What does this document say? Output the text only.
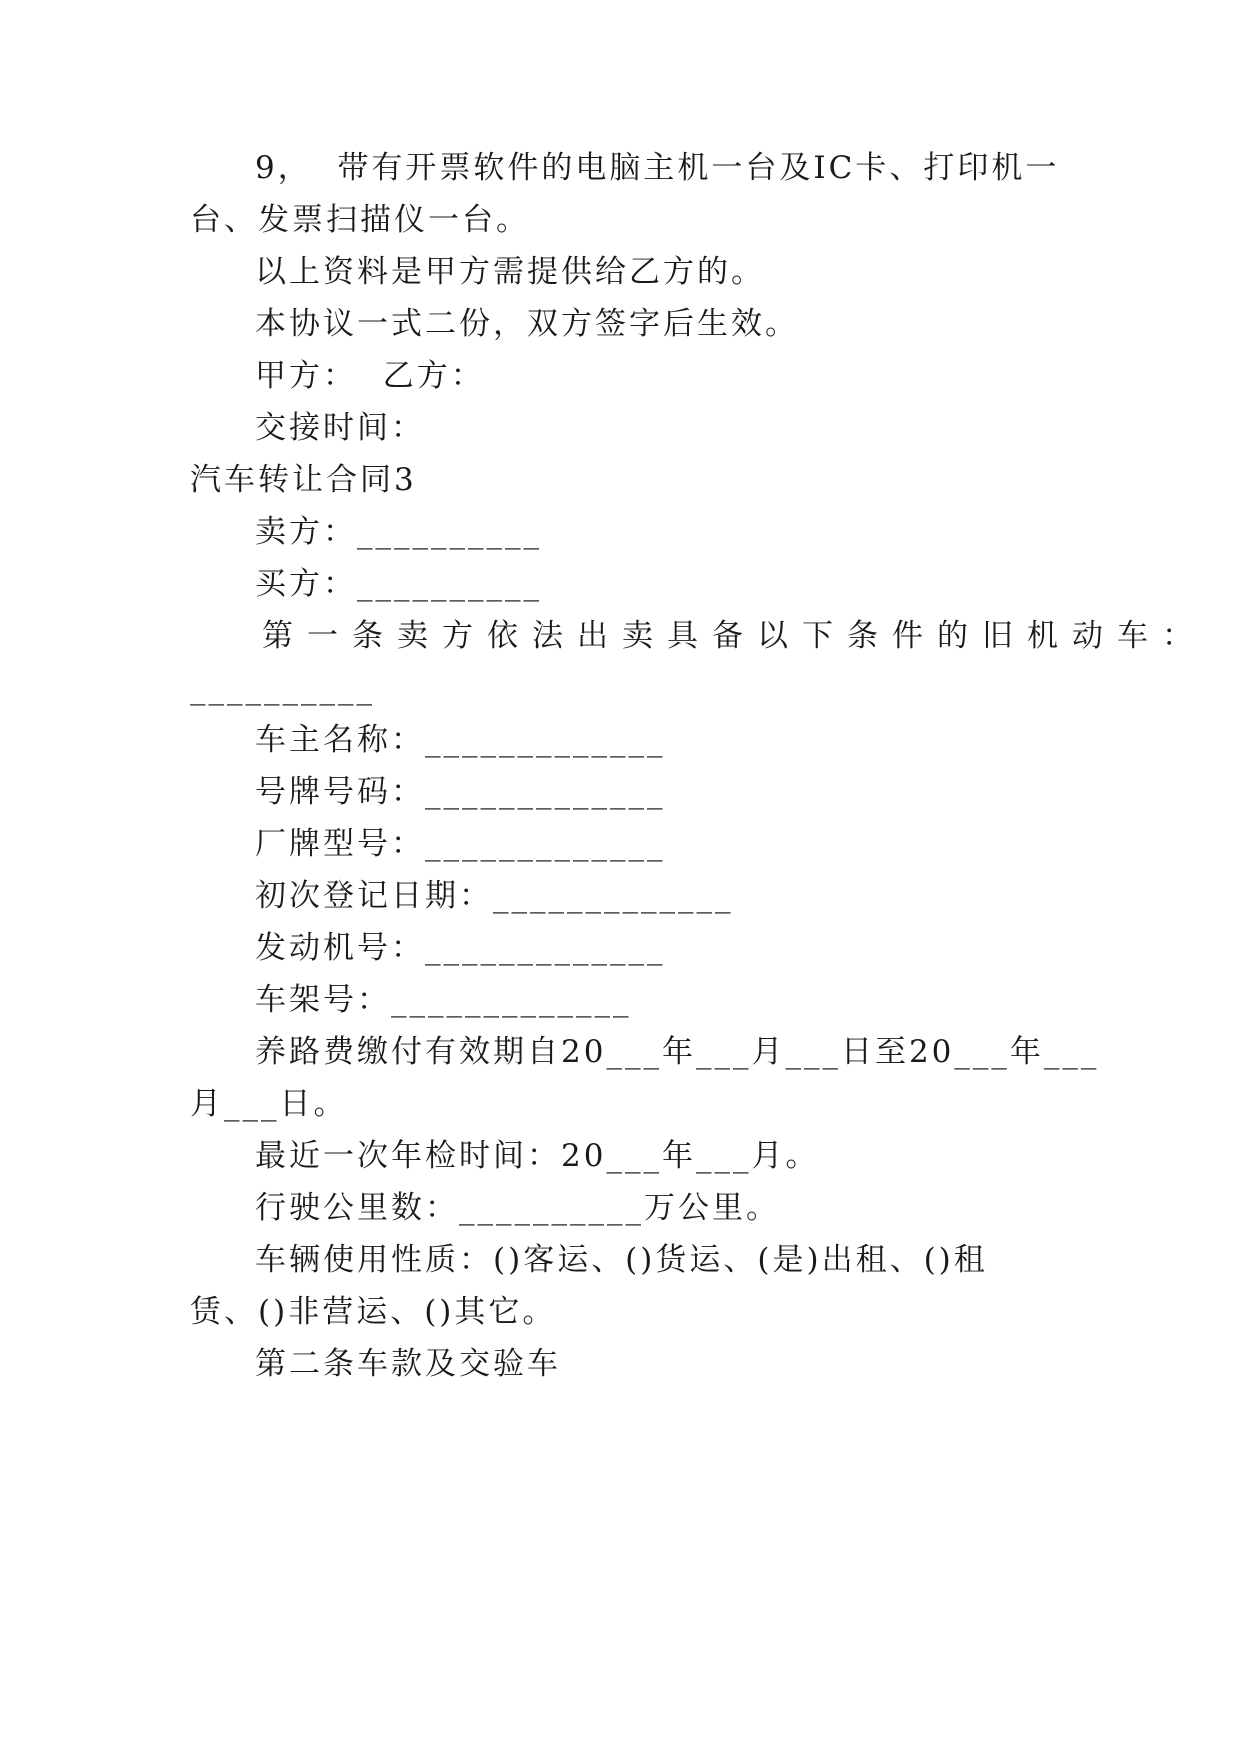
9，  带有开票软件的电脑主机一台及IC卡、打印机一
台、发票扫描仪一台。
以上资料是甲方需提供给乙方的。
本协议一式二份，双方签字后生效。
甲方：  乙方：
交接时间：
汽车转让合同3
卖方：__________
买方：__________
第一条卖方依法出卖具备以下条件的旧机动车：
__________
车主名称：_____________
号牌号码：_____________
厂牌型号：_____________
初次登记日期：_____________
发动机号：_____________
车架号：_____________
养路费缴付有效期自20___年___月___日至20___年___
月___日。
最近一次年检时间：20___年___月。
行驶公里数：__________万公里。
车辆使用性质：()客运、()货运、(是)出租、()租
赁、()非营运、()其它。
第二条车款及交验车
